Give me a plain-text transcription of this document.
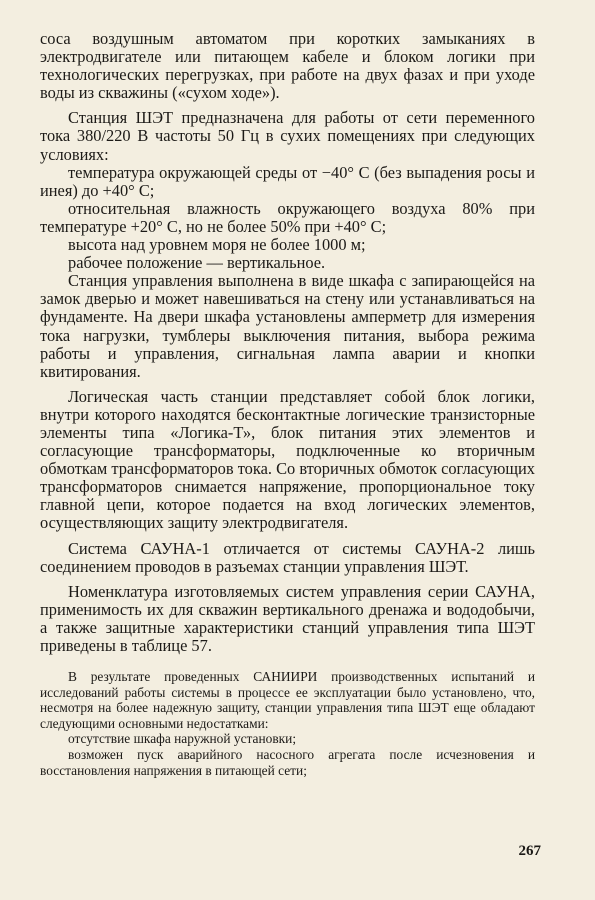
соса воздушным автоматом при коротких замыканиях в электродвигателе или питающем кабеле и блоком логики при технологических перегрузках, при работе на двух фазах и при уходе воды из скважины («сухом ходе»).

Станция ШЭТ предназначена для работы от сети переменного тока 380/220 В частоты 50 Гц в сухих помещениях при следующих условиях:

температура окружающей среды от −40° С (без выпадения росы и инея) до +40° С;

относительная влажность окружающего воздуха 80% при температуре +20° С, но не более 50% при +40° С;

высота над уровнем моря не более 1000 м;

рабочее положение — вертикальное.

Станция управления выполнена в виде шкафа с запирающейся на замок дверью и может навешиваться на стену или устанавливаться на фундаменте. На двери шкафа установлены амперметр для измерения тока нагрузки, тумблеры выключения питания, выбора режима работы и управления, сигнальная лампа аварии и кнопки квитирования.

Логическая часть станции представляет собой блок логики, внутри которого находятся бесконтактные логические транзисторные элементы типа «Логика-Т», блок питания этих элементов и согласующие трансформаторы, подключенные ко вторичным обмоткам трансформаторов тока. Со вторичных обмоток согласующих трансформаторов снимается напряжение, пропорциональное току главной цепи, которое подается на вход логических элементов, осуществляющих защиту электродвигателя.

Система САУНА-1 отличается от системы САУНА-2 лишь соединением проводов в разъемах станции управления ШЭТ.

Номенклатура изготовляемых систем управления серии САУНА, применимость их для скважин вертикального дренажа и вододобычи, а также защитные характеристики станций управления типа ШЭТ приведены в таблице 57.

В результате проведенных САНИИРИ производственных испытаний и исследований работы системы в процессе ее эксплуатации было установлено, что, несмотря на более надежную защиту, станции управления типа ШЭТ еще обладают следующими основными недостатками:

отсутствие шкафа наружной установки;

возможен пуск аварийного насосного агрегата после исчезновения и восстановления напряжения в питающей сети;

267
